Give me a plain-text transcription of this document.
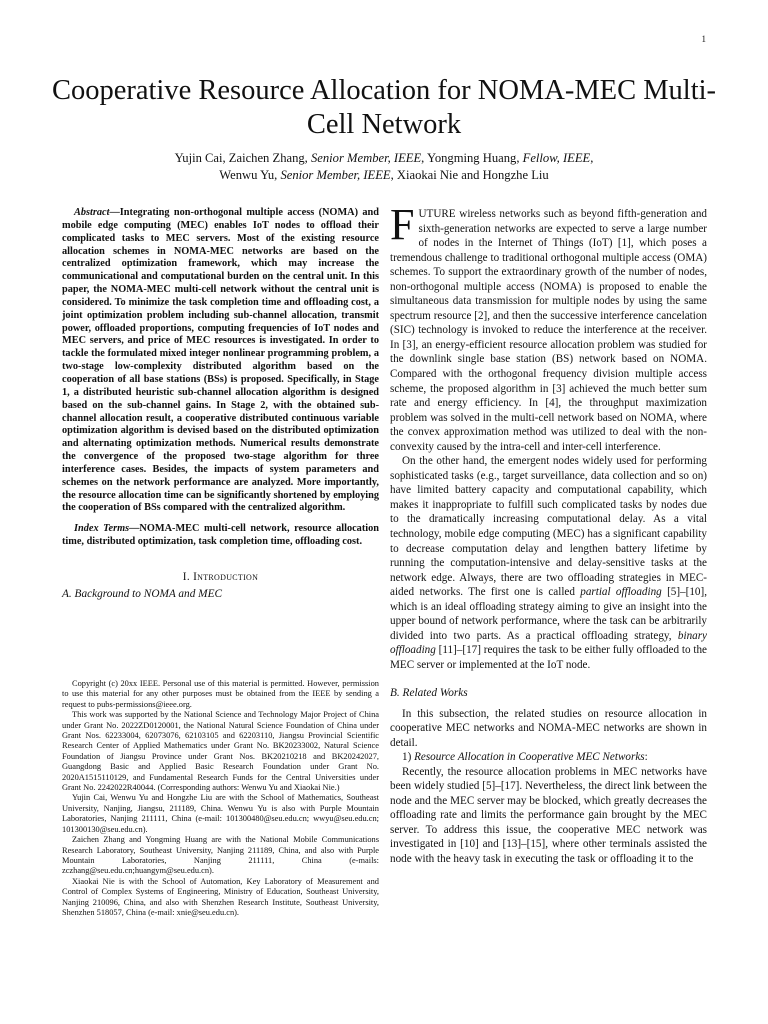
1
Cooperative Resource Allocation for NOMA-MEC Multi-Cell Network
Yujin Cai, Zaichen Zhang, Senior Member, IEEE, Yongming Huang, Fellow, IEEE,
Wenwu Yu, Senior Member, IEEE, Xiaokai Nie and Hongzhe Liu

Abstract—Integrating non-orthogonal multiple access (NOMA) and mobile edge computing (MEC) enables IoT nodes to offload their complicated tasks to MEC servers. Most of the existing resource allocation schemes in NOMA-MEC networks are based on the centralized optimization framework, which may increase the communicational and computational burden on the central unit. In this paper, the NOMA-MEC multi-cell network without the central unit is considered. To minimize the task completion time and offloading cost, a joint optimization problem including sub-channel allocation, transmit power, offloaded proportions, computing frequencies of IoT nodes and MEC servers, and price of MEC resources is investigated. In order to tackle the formulated mixed integer nonlinear programming problem, a two-stage low-complexity distributed algorithm based on the cooperation of all base stations (BSs) is proposed. Specifically, in Stage 1, a distributed heuristic sub-channel allocation algorithm is designed based on the sub-channel gains. In Stage 2, with the obtained sub-channel allocation result, a cooperative distributed continuous variable optimization algorithm is devised based on the distributed optimization and alternating optimization methods. Numerical results demonstrate the convergence of the proposed two-stage algorithm for three interference cases. Besides, the impacts of system parameters and schemes on the network performance are analyzed. More importantly, the resource allocation time can be significantly shortened by employing the cooperation of BSs compared with the centralized algorithm.

Index Terms—NOMA-MEC multi-cell network, resource allocation time, distributed optimization, task completion time, offloading cost.

I. Introduction
A. Background to NOMA and MEC

Copyright (c) 20xx IEEE. Personal use of this material is permitted. However, permission to use this material for any other purposes must be obtained from the IEEE by sending a request to pubs-permissions@ieee.org.

This work was supported by the National Science and Technology Major Project of China under Grant No. 2022ZD0120001, the National Natural Science Foundation of China under Grant Nos. 62233004, 62073076, 62103105 and 62203110, Jiangsu Provincial Scientific Research Center of Applied Mathematics under Grant No. BK20233002, Natural Science Foundation of Jiangsu Province under Grant Nos. BK20210218 and BK20242027, Guangdong Basic and Applied Basic Research Foundation under Grant No. 2020A1515110129, and Fundamental Research Funds for the Central Universities under Grant No. 2242022R40044. (Corresponding authors: Wenwu Yu and Xiaokai Nie.)

Yujin Cai, Wenwu Yu and Hongzhe Liu are with the School of Mathematics, Southeast University, Nanjing, Jiangsu, 211189, China. Wenwu Yu is also with Purple Mountain Laboratories, Nanjing 211111, China (e-mail: 101300480@seu.edu.cn; wwyu@seu.edu.cn; 101300130@seu.edu.cn).

Zaichen Zhang and Yongming Huang are with the National Mobile Communications Research Laboratory, Southeast University, Nanjing 211189, China, and also with Purple Mountain Laboratories, Nanjing 211111, China (e-mails: zczhang@seu.edu.cn;huangym@seu.edu.cn).

Xiaokai Nie is with the School of Automation, Key Laboratory of Measurement and Control of Complex Systems of Engineering, Ministry of Education, Southeast University, Nanjing 210096, China, and also with Shenzhen Research Institute, Southeast University, Shenzhen 518057, China (e-mail: xnie@seu.edu.cn).

FUTURE wireless networks such as beyond fifth-generation and sixth-generation networks are expected to serve a large number of nodes in the Internet of Things (IoT) [1], which poses a tremendous challenge to traditional orthogonal multiple access (OMA) schemes. To support the extraordinary growth of the number of nodes, non-orthogonal multiple access (NOMA) is proposed to enable the simultaneous data transmission for multiple nodes by using the same spectrum resource [2], and then the successive interference cancelation (SIC) technology is invoked to reduce the interference at the receiver. In [3], an energy-efficient resource allocation problem was studied for the downlink single base station (BS) network based on NOMA. Compared with the orthogonal frequency division multiple access scheme, the proposed algorithm in [3] achieved the much better sum rate and energy efficiency. In [4], the throughput maximization problem was solved in the multi-cell network based on NOMA, where the convex approximation method was utilized to deal with the non-convexity caused by the intra-cell and inter-cell interference.

On the other hand, the emergent nodes widely used for performing sophisticated tasks (e.g., target surveillance, data collection and so on) have limited battery capacity and computational capability, which makes it inappropriate to fulfill such complicated tasks by nodes due to the dramatically increasing computational delay. As a vital technology, mobile edge computing (MEC) has a significant capability to decrease computation delay and lengthen battery lifetime by running the computation-intensive and delay-sensitive tasks at the network edge. Always, there are two offloading strategies in MEC-aided networks. The first one is called partial offloading [5]–[10], which is an ideal offloading strategy aiming to give an insight into the upper bound of network performance, where the task can be arbitrarily divided into two parts. As a practical offloading strategy, binary offloading [11]–[17] requires the task to be either fully offloaded to the MEC server or implemented at the IoT node.

B. Related Works

In this subsection, the related studies on resource allocation in cooperative MEC networks and NOMA-MEC networks are shown in detail.

1) Resource Allocation in Cooperative MEC Networks:

Recently, the resource allocation problems in MEC networks have been widely studied [5]–[17]. Nevertheless, the direct link between the node and the MEC server may be blocked, which greatly decreases the offloading rate and limits the performance gain brought by the MEC server. To address this issue, the cooperative MEC network was investigated in [10] and [13]–[15], where other terminals assisted the node with the heavy task in executing the task or offloading it to the
